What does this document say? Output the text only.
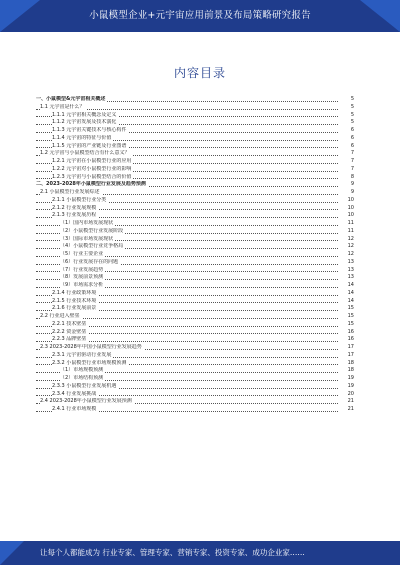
小鼠模型企业+元宇宙应用前景及布局策略研究报告
内容目录
一、小鼠模型&元宇宙相关概述	5
1.1 元宇宙是什么？	5
1.1.1 元宇宙相关概念及定义	5
1.1.2 元宇宙发展及技术演化	5
1.1.3 元宇宙关键技术与核心构件	6
1.1.4 元宇宙的特征与价值	6
1.1.5 元宇宙的产业链及行业图谱	6
1.2 元宇宙与小鼠模型结合有什么意义？	7
1.2.1 元宇宙在小鼠模型行业的应用	7
1.2.2 元宇宙对小鼠模型行业的影响	7
1.2.3 元宇宙与小鼠模型结合的价值	8
二、2023-2028年小鼠模型行业发展及趋势预测	9
2.1 小鼠模型行业发展综述	9
2.1.1 小鼠模型行业分类	10
2.1.2 行业发展规模	10
2.1.3 行业发展历程	10
（1）国内市场发展现状	11
（2）小鼠模型行业发展阶段	11
（3）国际市场发展现状	12
（4）小鼠模型行业竞争格局	12
（5）行业主要企业	12
（6）行业发展存在的问题	13
（7）行业发展趋势	13
（8）发展前景预测	13
（9）市场需求分析	14
2.1.4 行业政策环境	14
2.1.5 行业技术环境	14
2.1.6 行业发展前景	15
2.2 行业进入壁垒	15
2.2.1 技术壁垒	15
2.2.2 资金壁垒	16
2.2.3 品牌壁垒	16
2.3 2023-2028年中国小鼠模型行业发展趋势	17
2.3.1 元宇宙驱动行业发展	17
2.3.2 小鼠模型行业市场规模预测	18
（1）市场规模预测	18
（2）市场结构预测	19
2.3.3 小鼠模型行业发展机遇	19
2.3.4 行业发展挑战	20
2.4 2023-2028年小鼠模型行业发展预测	21
2.4.1 行业市场规模	21
让每个人都能成为 行业专家、管理专家、营销专家、投资专家、成功企业家……
